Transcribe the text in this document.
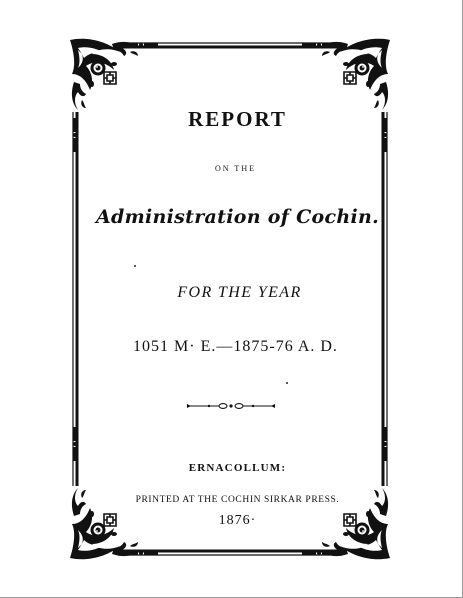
REPORT
ON THE
Administration of Cochin.
FOR THE YEAR
1051 M· E.—1875-76 A. D.
ERNACOLLUM:
PRINTED AT THE COCHIN SIRKAR PRESS.
1876·
